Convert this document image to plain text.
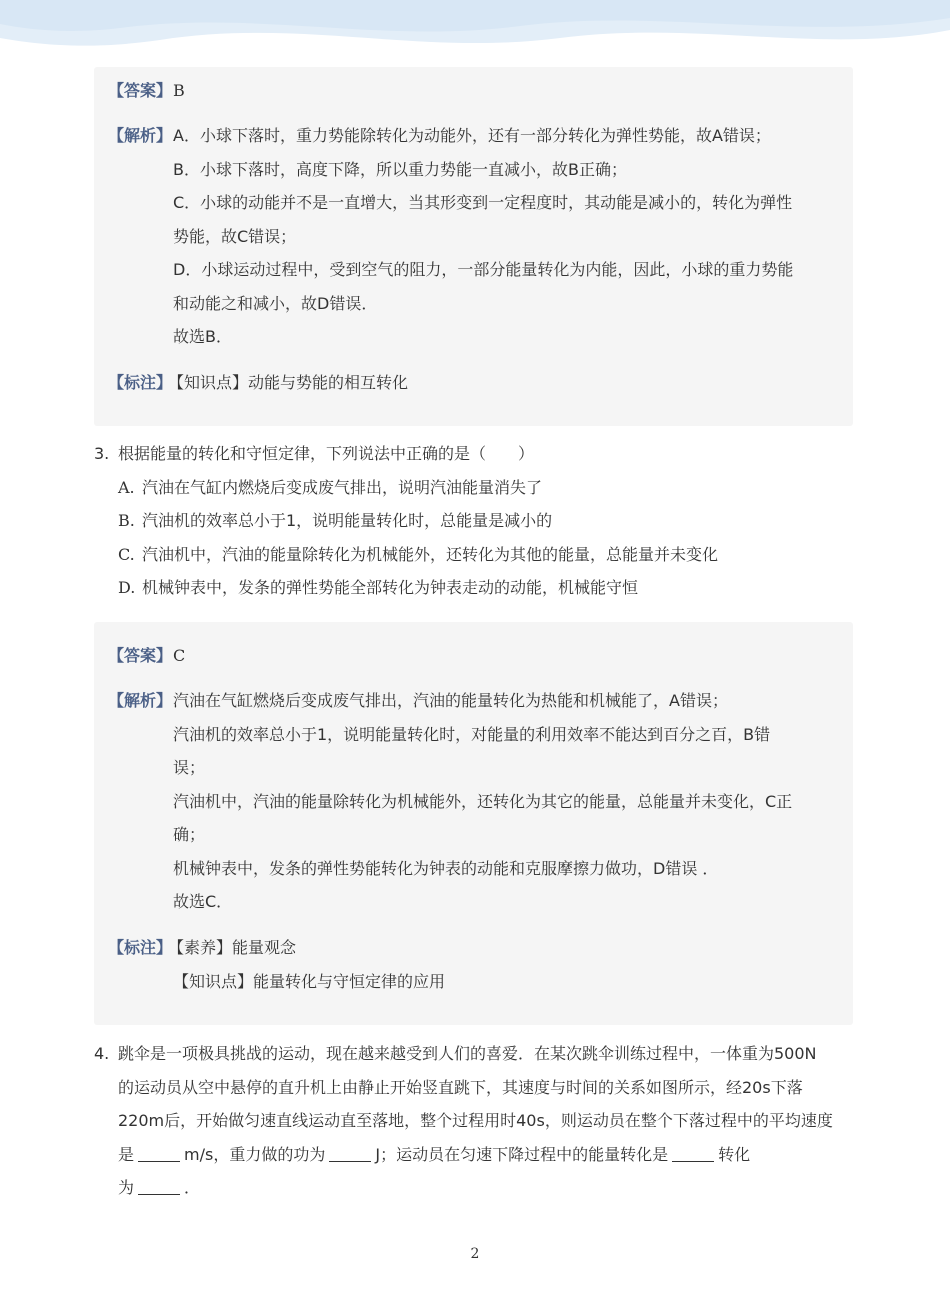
【答案】 B
【解析】 A．小球下落时，重力势能除转化为动能外，还有一部分转化为弹性势能，故A错误；
B．小球下落时，高度下降，所以重力势能一直减小，故B正确；
C．小球的动能并不是一直增大，当其形变到一定程度时，其动能是减小的，转化为弹性
势能，故C错误；
D．小球运动过程中，受到空气的阻力，一部分能量转化为内能，因此，小球的重力势能
和动能之和减小，故D错误．
故选B．
【标注】
【知识点】动能与势能的相互转化
3. 根据能量的转化和守恒定律，下列说法中正确的是（　　）
A. 汽油在气缸内燃烧后变成废气排出，说明汽油能量消失了
B. 汽油机的效率总小于1，说明能量转化时，总能量是减小的
C. 汽油机中，汽油的能量除转化为机械能外，还转化为其他的能量，总能量并未变化
D. 机械钟表中，发条的弹性势能全部转化为钟表走动的动能，机械能守恒
【答案】 C
【解析】 汽油在气缸燃烧后变成废气排出，汽油的能量转化为热能和机械能了，A错误；
汽油机的效率总小于1，说明能量转化时，对能量的利用效率不能达到百分之百，B错
误；
汽油机中，汽油的能量除转化为机械能外，还转化为其它的能量，总能量并未变化，C正
确；
机械钟表中，发条的弹性势能转化为钟表的动能和克服摩擦力做功，D错误 ．
故选C．
【标注】
【素养】能量观念
【知识点】能量转化与守恒定律的应用
4. 跳伞是一项极具挑战的运动，现在越来越受到人们的喜爱．在某次跳伞训练过程中，一体重为500N
的运动员从空中悬停的直升机上由静止开始竖直跳下，其速度与时间的关系如图所示，经20s下落
220m后，开始做匀速直线运动直至落地，整个过程用时40s，则运动员在整个下落过程中的平均速度
是	m/s，重力做的功为	J；运动员在匀速下降过程中的能量转化是	转化
为	．
2
